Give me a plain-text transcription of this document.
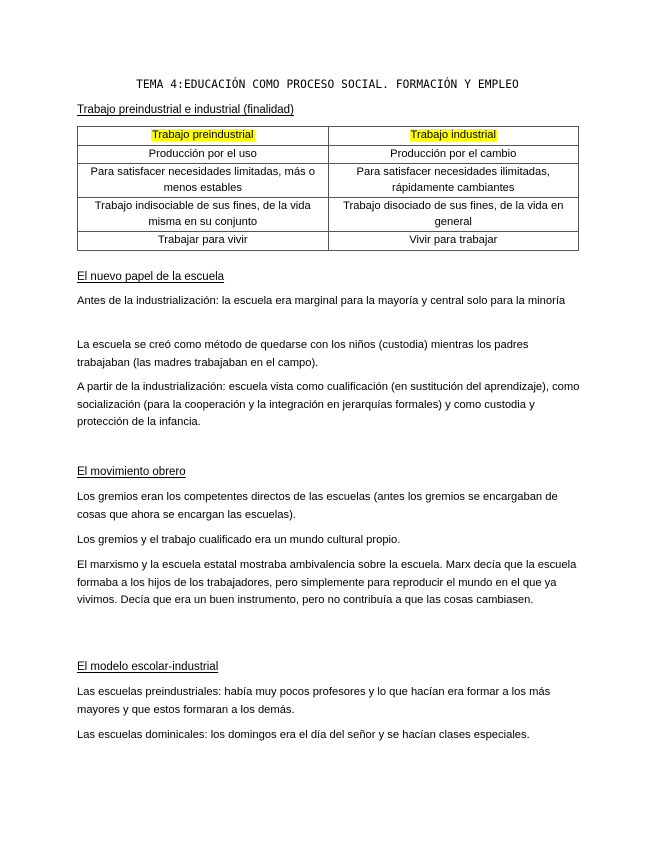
TEMA 4:EDUCACIÓN COMO PROCESO SOCIAL. FORMACIÓN Y EMPLEO
Trabajo preindustrial e industrial (finalidad)
Trabajo preindustrial	Trabajo industrial
Producción por el uso	Producción por el cambio
Para satisfacer necesidades limitadas, más o menos estables	Para satisfacer necesidades ilimitadas, rápidamente cambiantes
Trabajo indisociable de sus fines, de la vida misma en su conjunto	Trabajo disociado de sus fines, de la vida en general
Trabajar para vivir	Vivir para trabajar
El nuevo papel de la escuela
Antes de la industrialización: la escuela era marginal para la mayoría y central solo para la minoría
La escuela se creó como método de quedarse con los niños (custodia) mientras los padres trabajaban (las madres trabajaban en el campo).
A partir de la industrialización: escuela vista como cualificación (en sustitución del aprendizaje), como socialización (para la cooperación y la integración en jerarquías formales) y como custodia y protección de la infancia.
El movimiento obrero
Los gremios eran los competentes directos de las escuelas (antes los gremios se encargaban de cosas que ahora se encargan las escuelas).
Los gremios y el trabajo cualificado era un mundo cultural propio.
El marxismo y la escuela estatal mostraba ambivalencia sobre la escuela. Marx decía que la escuela formaba a los hijos de los trabajadores, pero simplemente para reproducir el mundo en el que ya vivimos. Decía que era un buen instrumento, pero no contribuía a que las cosas cambiasen.
El modelo escolar-industrial
Las escuelas preindustriales: había muy pocos profesores y lo que hacían era formar a los más mayores y que estos formaran a los demás.
Las escuelas dominicales: los domingos era el día del señor y se hacían clases especiales.
